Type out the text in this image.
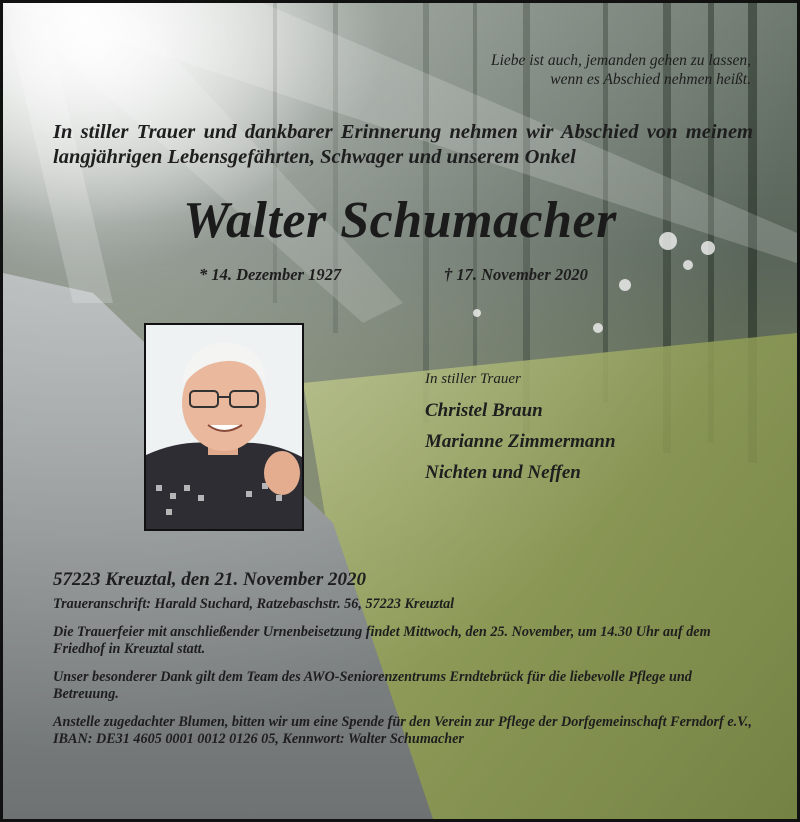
Liebe ist auch, jemanden gehen zu lassen,
wenn es Abschied nehmen heißt.
In stiller Trauer und dankbarer Erinnerung nehmen wir Abschied von meinem langjährigen Lebensgefährten, Schwager und unserem Onkel
Walter Schumacher
* 14. Dezember 1927	† 17. November 2020
In stiller Trauer
Christel Braun
Marianne Zimmermann
Nichten und Neffen
57223 Kreuztal, den 21. November 2020
Traueranschrift: Harald Suchard, Ratzebaschstr. 56, 57223 Kreuztal
Die Trauerfeier mit anschließender Urnenbeisetzung findet Mittwoch, den 25. November, um 14.30 Uhr auf dem Friedhof in Kreuztal statt.
Unser besonderer Dank gilt dem Team des AWO-Seniorenzentrums Erndtebrück für die liebevolle Pflege und Betreuung.
Anstelle zugedachter Blumen, bitten wir um eine Spende für den Verein zur Pflege der Dorfgemeinschaft Ferndorf e.V., IBAN: DE31 4605 0001 0012 0126 05, Kennwort: Walter Schumacher
